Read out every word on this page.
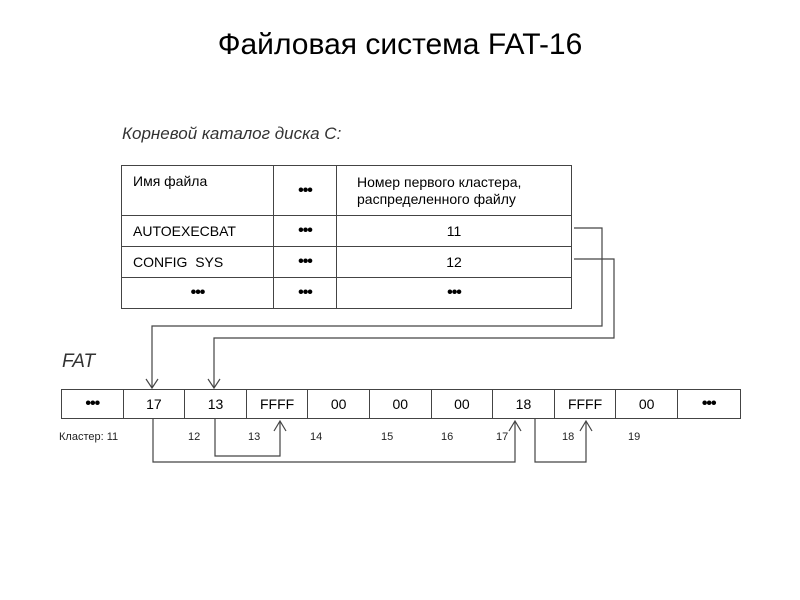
Файловая система FAT-16
Корневой каталог диска С:
Имя файла	•••	Номер первого кластера,
распределенного файлу
AUTOEXECBAT	•••	11
CONFIG  SYS	•••	12
•••	•••	•••
FAT
•••	17	13	FFFF	00	00	00	18	FFFF	00	•••
Кластер: 11	12	13	14	15	16	17	18	19
